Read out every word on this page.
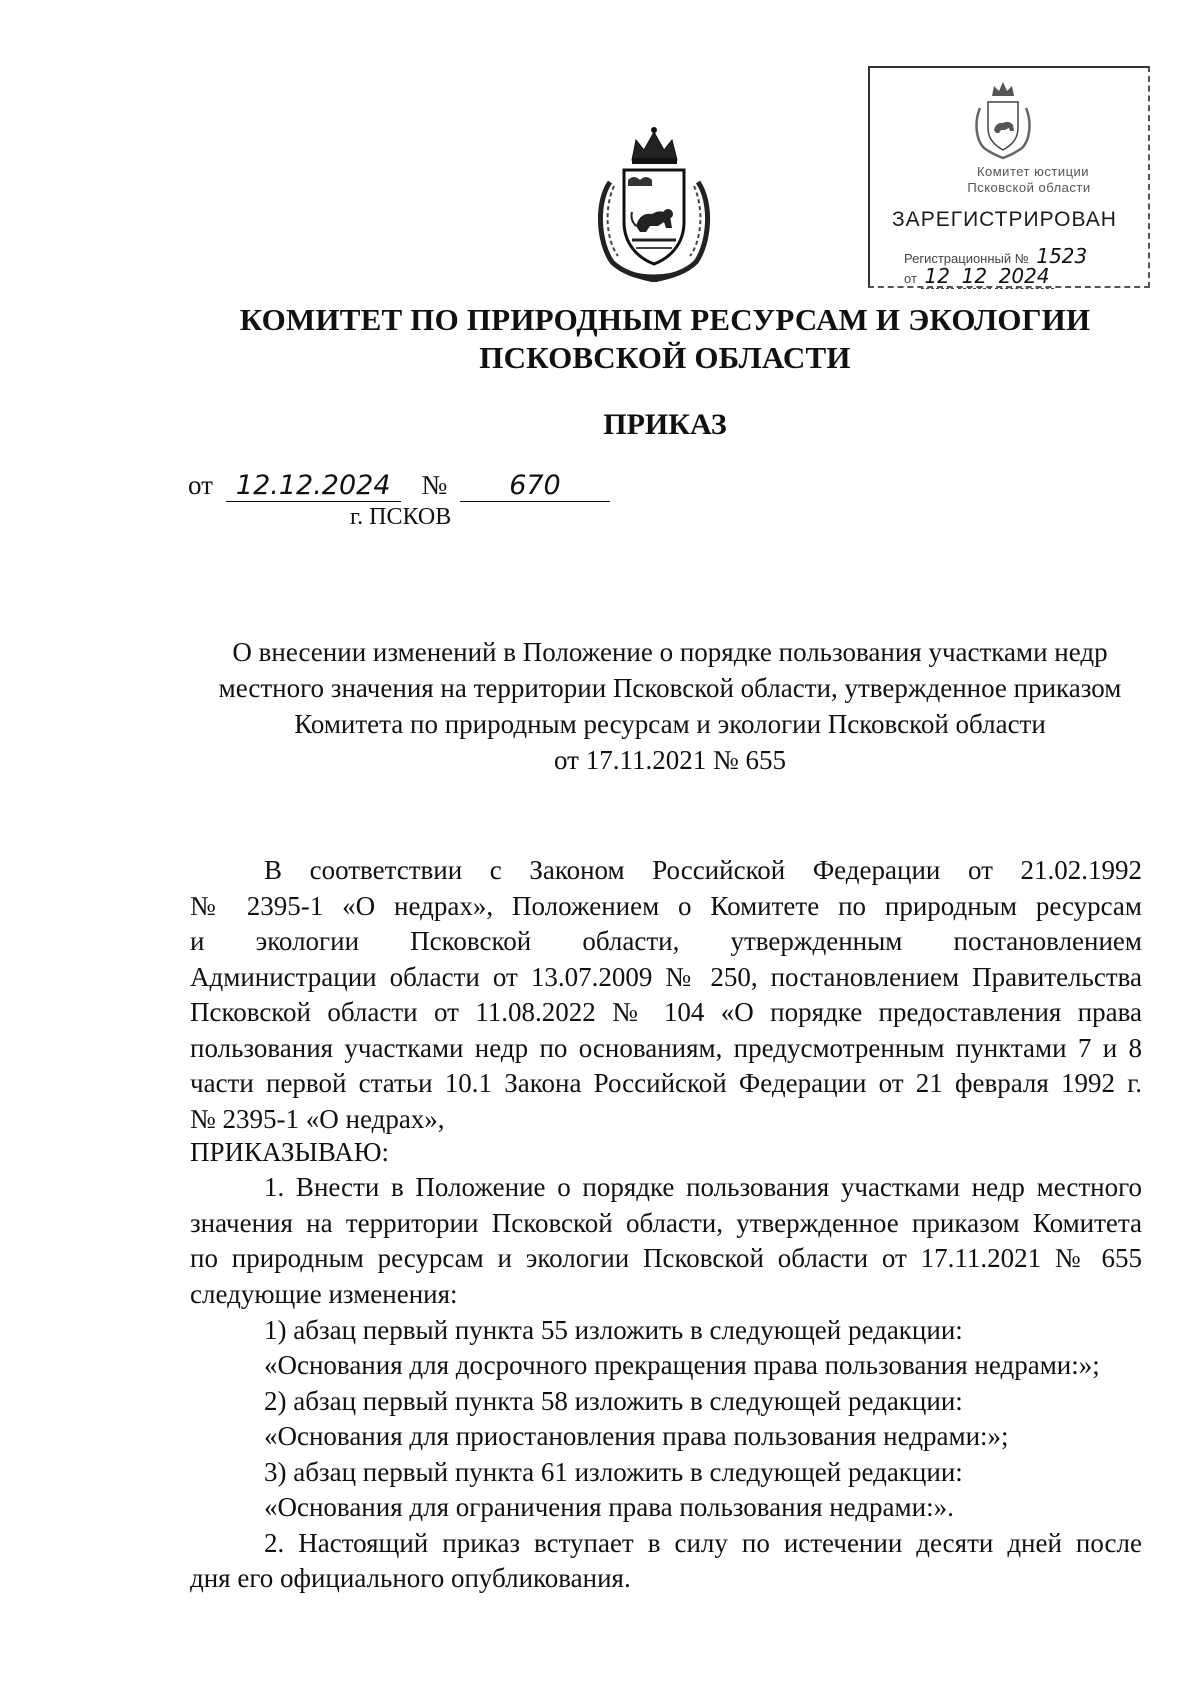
Комитет юстиции
Псковской области
ЗАРЕГИСТРИРОВАН
Регистрационный № 1523
от 12 12 2024
КОМИТЕТ ПО ПРИРОДНЫМ РЕСУРСАМ И ЭКОЛОГИИ
ПСКОВСКОЙ ОБЛАСТИ
ПРИКАЗ
от 12.12.2024 № 670
г. ПСКОВ
О внесении изменений в Положение о порядке пользования участками недр
местного значения на территории Псковской области, утвержденное приказом
Комитета по природным ресурсам и экологии Псковской области
от 17.11.2021 № 655
В соответствии с Законом Российской Федерации от 21.02.1992
№ 2395-1 «О недрах», Положением о Комитете по природным ресурсам
и экологии Псковской области, утвержденным постановлением
Администрации области от 13.07.2009 № 250, постановлением Правительства
Псковской области от 11.08.2022 № 104 «О порядке предоставления права
пользования участками недр по основаниям, предусмотренным пунктами 7 и 8
части первой статьи 10.1 Закона Российской Федерации от 21 февраля 1992 г.
№ 2395-1 «О недрах»,
ПРИКАЗЫВАЮ:
1. Внести в Положение о порядке пользования участками недр местного
значения на территории Псковской области, утвержденное приказом Комитета
по природным ресурсам и экологии Псковской области от 17.11.2021 № 655
следующие изменения:
1) абзац первый пункта 55 изложить в следующей редакции:
«Основания для досрочного прекращения права пользования недрами:»;
2) абзац первый пункта 58 изложить в следующей редакции:
«Основания для приостановления права пользования недрами:»;
3) абзац первый пункта 61 изложить в следующей редакции:
«Основания для ограничения права пользования недрами:».
2. Настоящий приказ вступает в силу по истечении десяти дней после
дня его официального опубликования.
